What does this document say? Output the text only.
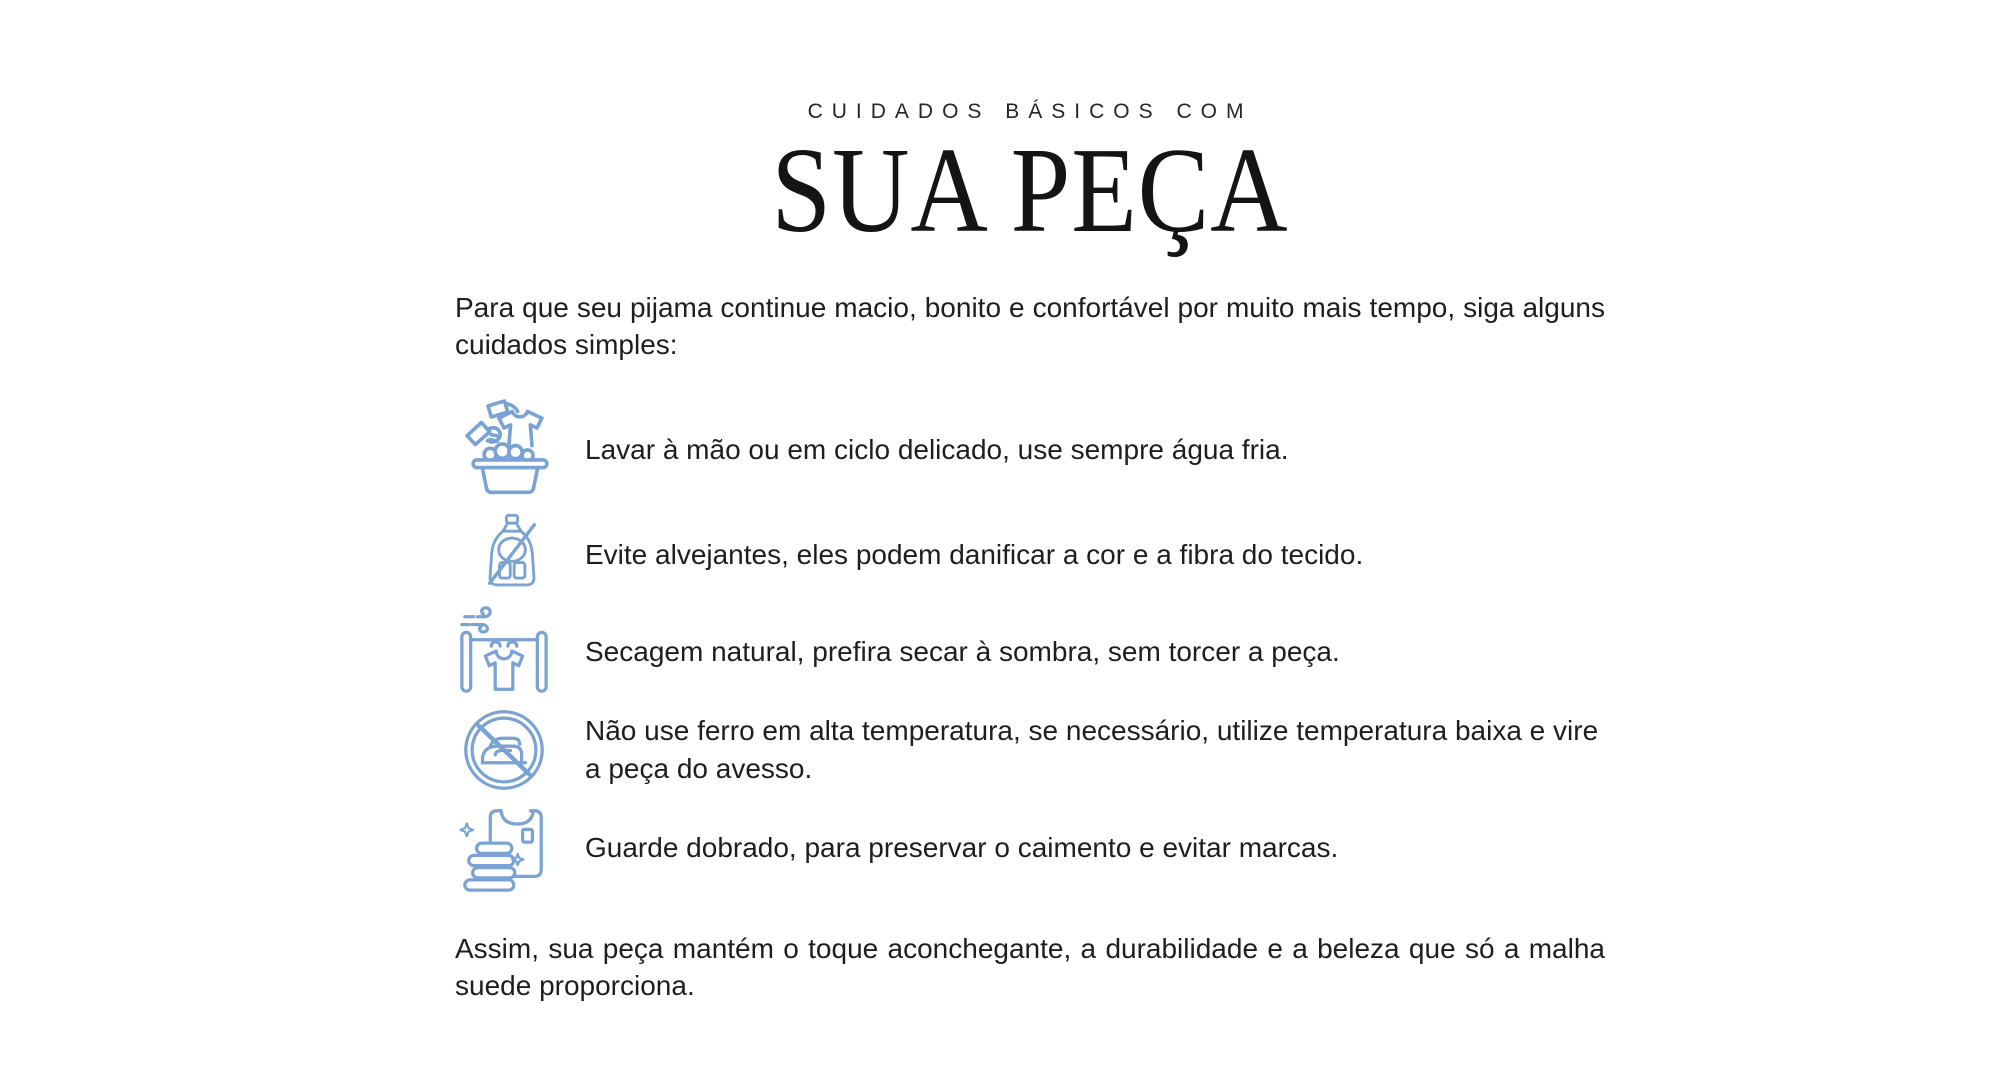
CUIDADOS BÁSICOS COM
SUA PEÇA

Para que seu pijama continue macio, bonito e confortável por muito mais tempo, siga alguns cuidados simples:

Lavar à mão ou em ciclo delicado, use sempre água fria.

Evite alvejantes, eles podem danificar a cor e a fibra do tecido.

Secagem natural, prefira secar à sombra, sem torcer a peça.

Não use ferro em alta temperatura, se necessário, utilize temperatura baixa e vire a peça do avesso.

Guarde dobrado, para preservar o caimento e evitar marcas.

Assim, sua peça mantém o toque aconchegante, a durabilidade e a beleza que só a malha suede proporciona.
